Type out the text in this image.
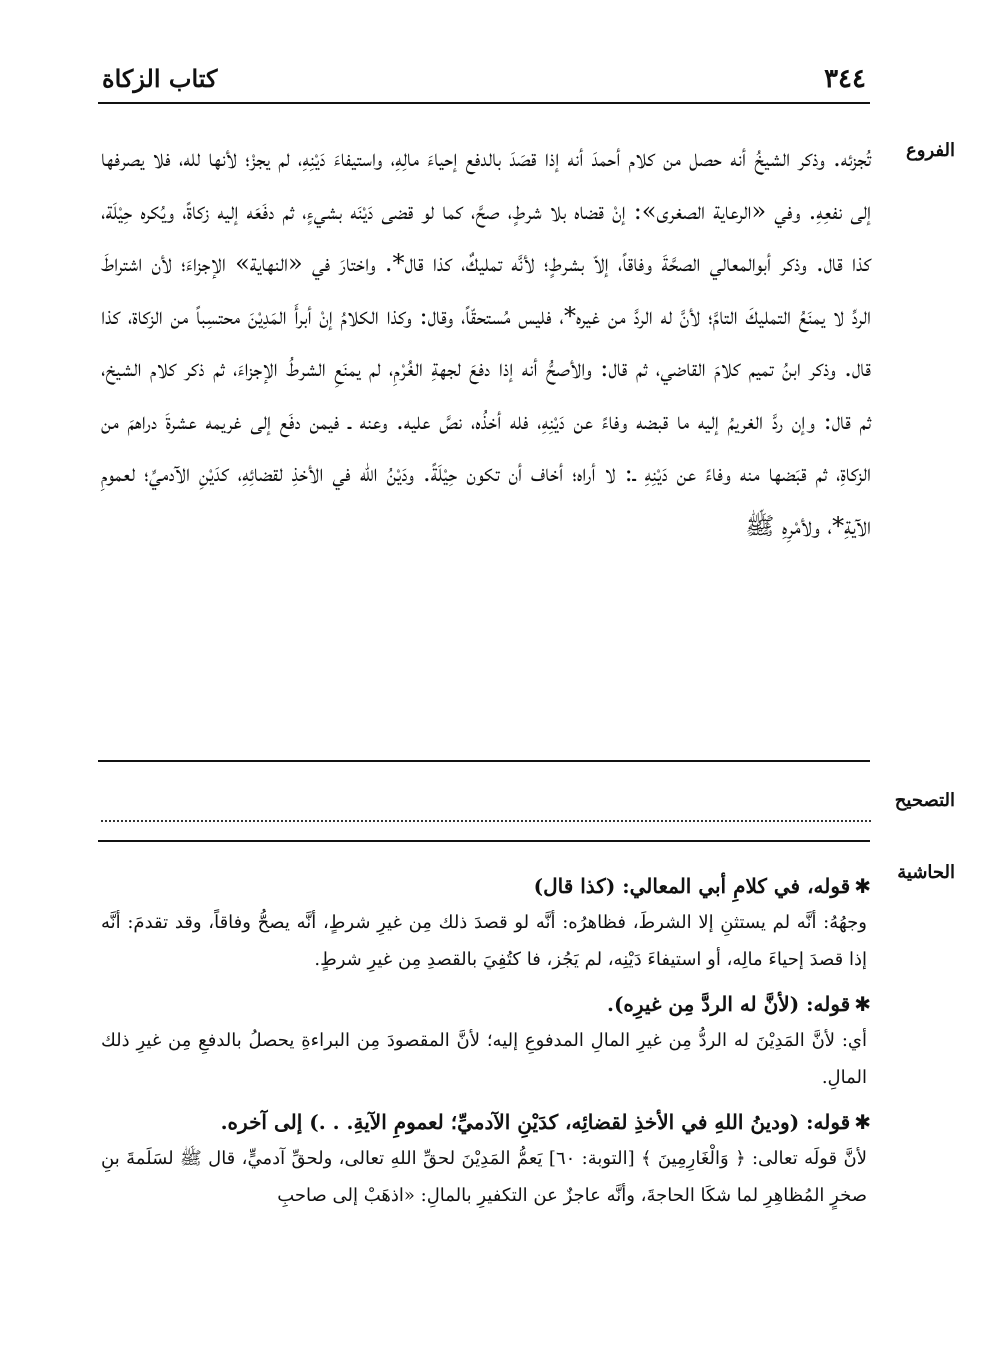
٣٤٤
كتاب الزكاة
الفروع
تُجزئه. وذكر الشيخُ أنه حصل من كلام أحمدَ أنه إذا قصَدَ بالدفع إحياءَ مالِهِ، واستيفاءَ دَيْنِهِ، لم يجزْ؛ لأنها لله، فلا يصرفها إلى نفعِهِ. وفي «الرعاية الصغرى»: إنْ قضاه بلا شرطٍ، صحَّ، كما لو قضى دَيْنَه بشيءٍ، ثم دفَعَه إليه زكاةً، ويُكره حِيْلَة، كذا قال. وذكر أبوالمعالي الصحَّةَ وفاقاً، إلاّ بشرطٍ؛ لأنَّه تمليكٌ، كذا قال*. واختارَ في «النهاية» الإجزاءَ؛ لأن اشتراطَ الردِّ لا يمنَعُ التمليكَ التامَّ؛ لأنَّ له الردَّ من غيره*، فليس مُستحقّاً، وقال: وكذا الكلامُ إنْ أبرأَ المَدِيْنَ محتسِباً من الزكاة، كذا قال. وذكر ابنُ تميم كلامَ القاضي، ثم قال: والأصحُّ أنه إذا دفعَ لجهةِ الغُرْمِ، لم يمنَعِ الشرطُ الإجزاءَ، ثم ذكر كلام الشيخ، ثم قال: وإن ردَّ الغريمُ إليه ما قبضه وفاءً عن دَيْنِهِ، فله أخذُه، نصَّ عليه. وعنه ـ فيمن دفَع إلى غريمه عشرةَ دراهمَ من الزكاةِ، ثم قبَضها منه وفاءً عن دَيْنِهِ ـ: لا أراه؛ أخاف أن تكون حِيْلَةً. ودَيْنُ الله في الأخذِ لقضائِهِ، كدَيْنِ الآدميِّ؛ لعمومِ الآيةِ*، ولأمْرِهِ ﷺ
التصحيح
الحاشية
✱قوله، في كلامِ أبي المعالي: (كذا قال)
وجهُهُ: أنَّه لم يستثنِ إلا الشرطَ، فظاهرُه: أنَّه لو قصدَ ذلك مِن غيرِ شرطٍ، أنَّه يصحُّ وفاقاً، وقد تقدمَ: أنَّه إذا قصدَ إحياءَ مالِه، أو استيفاءَ دَيْنِه، لم يَجُز، فا كتُفِيَ بالقصدِ مِن غيرِ شرطٍ.
✱قوله: (لأنَّ له الردَّ مِن غيرِه).
أي: لأنَّ المَدِيْنَ له الردُّ مِن غيرِ المالِ المدفوعِ إليه؛ لأنَّ المقصودَ مِن البراءةِ يحصلُ بالدفعِ مِن غيرِ ذلك المالِ.
✱قوله: (ودينُ اللهِ في الأخذِ لقضائِه، كدَيْنِ الآدميِّ؛ لعمومِ الآيةِ. . .) إلى آخره.
لأنَّ قولَه تعالى: ﴿ وَالْغَارِمِينَ ﴾ [التوبة: ٦٠] يَعمُّ المَدِيْنَ لحقِّ اللهِ تعالى، ولحقِّ آدميٍّ، قال ﷺ لسَلَمةَ بنِ صخرٍ المُظاهِرِ لما شكَا الحاجةَ، وأنَّه عاجزٌ عن التكفيرِ بالمالِ: «اذهَبْ إلى صاحبِ
